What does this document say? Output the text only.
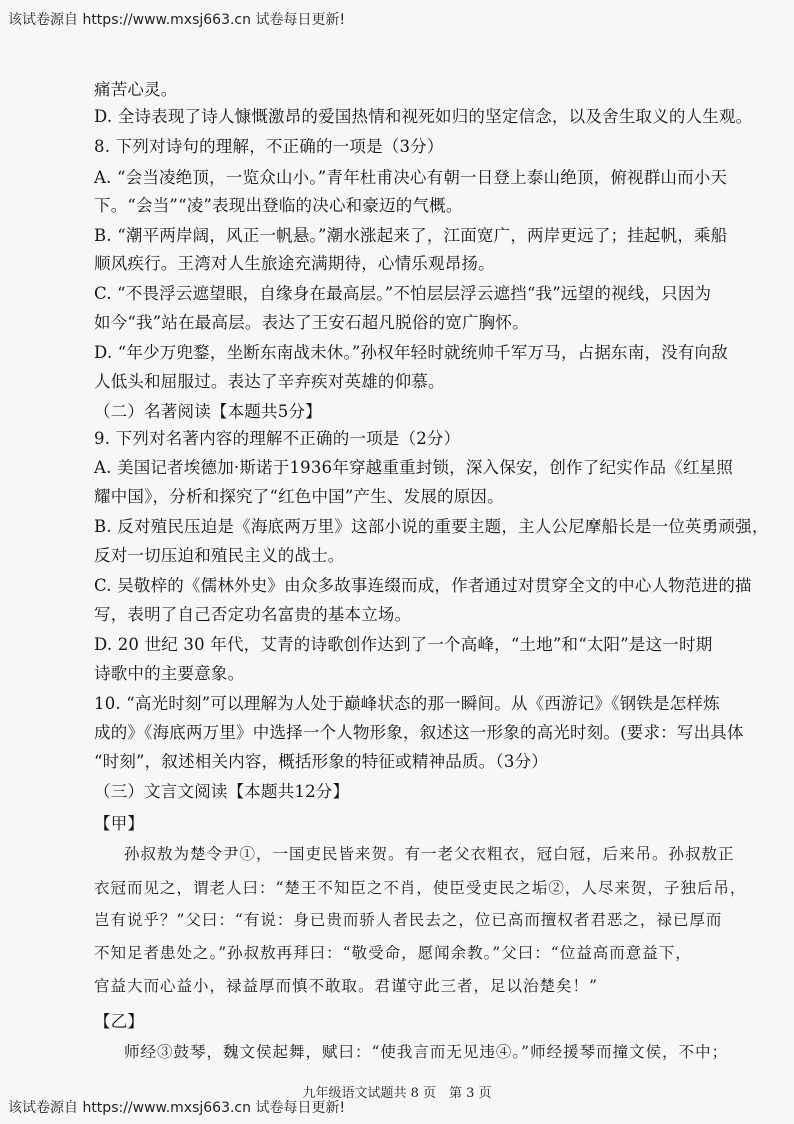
该试卷源自 https://www.mxsj663.cn 试卷每日更新!
痛苦心灵。
D. 全诗表现了诗人慷慨激昂的爱国热情和视死如归的坚定信念，以及舍生取义的人生观。
8. 下列对诗句的理解，不正确的一项是（3分）
A. “会当凌绝顶，一览众山小。”青年杜甫决心有朝一日登上泰山绝顶，俯视群山而小天
下。“会当”“凌”表现出登临的决心和豪迈的气概。
B. “潮平两岸阔，风正一帆悬。”潮水涨起来了，江面宽广，两岸更远了；挂起帆，乘船
顺风疾行。王湾对人生旅途充满期待，心情乐观昂扬。
C. “不畏浮云遮望眼，自缘身在最高层。”不怕层层浮云遮挡“我”远望的视线，只因为
如今“我”站在最高层。表达了王安石超凡脱俗的宽广胸怀。
D. “年少万兜鍪，坐断东南战未休。”孙权年轻时就统帅千军万马，占据东南，没有向敌
人低头和屈服过。表达了辛弃疾对英雄的仰慕。
（二）名著阅读【本题共5分】
9. 下列对名著内容的理解不正确的一项是（2分）
A. 美国记者埃德加·斯诺于1936年穿越重重封锁，深入保安，创作了纪实作品《红星照
耀中国》，分析和探究了“红色中国”产生、发展的原因。
B. 反对殖民压迫是《海底两万里》这部小说的重要主题，主人公尼摩船长是一位英勇顽强，
反对一切压迫和殖民主义的战士。
C. 吴敬梓的《儒林外史》由众多故事连缀而成，作者通过对贯穿全文的中心人物范进的描
写，表明了自己否定功名富贵的基本立场。
D. 20 世纪 30 年代，艾青的诗歌创作达到了一个高峰，“土地”和“太阳”是这一时期
诗歌中的主要意象。
10. “高光时刻”可以理解为人处于巅峰状态的那一瞬间。从《西游记》《钢铁是怎样炼
成的》《海底两万里》中选择一个人物形象，叙述这一形象的高光时刻。(要求：写出具体
“时刻”，叙述相关内容，概括形象的特征或精神品质。（3分）
（三）文言文阅读【本题共12分】
【甲】
孙叔敖为楚令尹①，一国吏民皆来贺。有一老父衣粗衣，冠白冠，后来吊。孙叔敖正
衣冠而见之，谓老人曰：“楚王不知臣之不肖，使臣受吏民之垢②，人尽来贺，子独后吊，
岂有说乎？”父曰：“有说：身已贵而骄人者民去之，位已高而擅权者君恶之，禄已厚而
不知足者患处之。”孙叔敖再拜曰：“敬受命，愿闻余教。”父曰：“位益高而意益下，
官益大而心益小，禄益厚而慎不敢取。君谨守此三者，足以治楚矣！”
【乙】
师经③鼓琴，魏文侯起舞，赋曰：“使我言而无见违④。”师经援琴而撞文侯，不中；
九年级语文试题共 8 页　第 3 页
该试卷源自 https://www.mxsj663.cn 试卷每日更新!
